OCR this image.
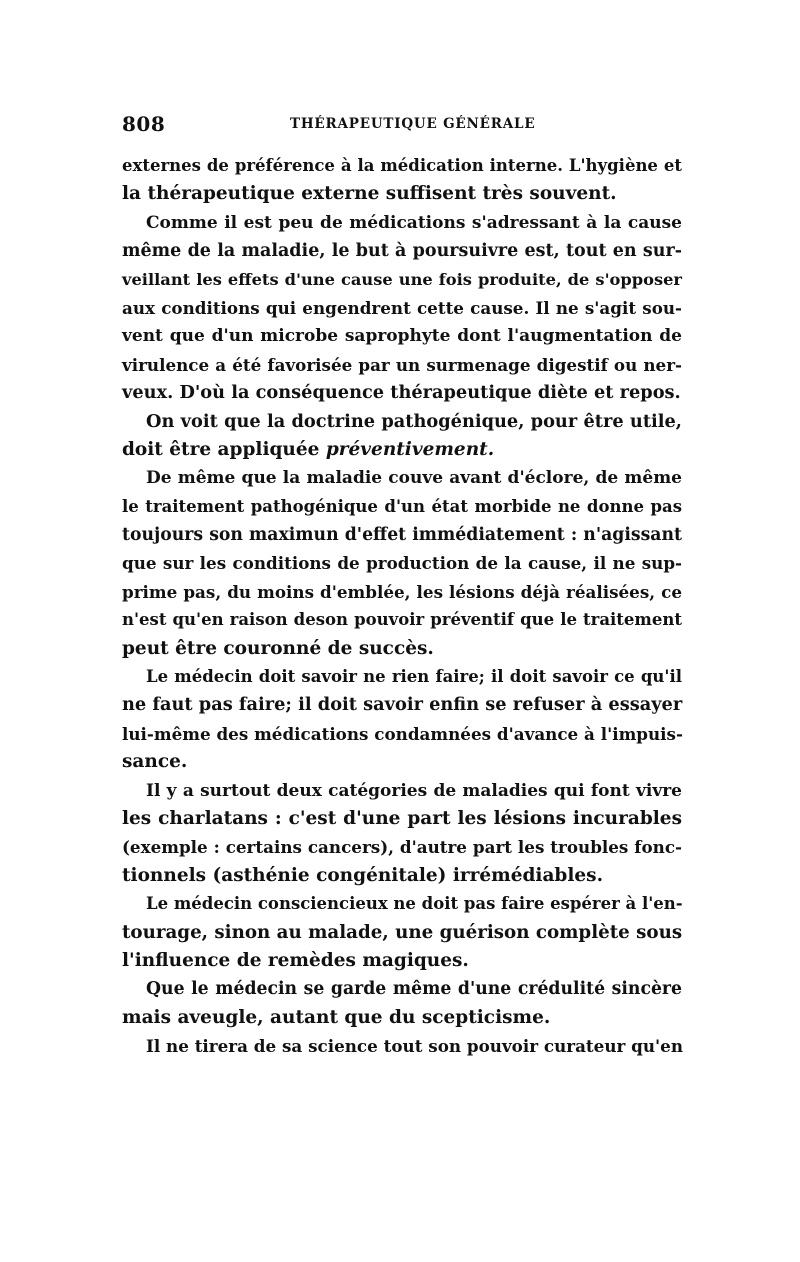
808	THÉRAPEUTIQUE GÉNÉRALE
externes de préférence à la médication interne. L'hygiène et
la thérapeutique externe suffisent très souvent.
Comme il est peu de médications s'adressant à la cause
même de la maladie, le but à poursuivre est, tout en sur-
veillant les effets d'une cause une fois produite, de s'opposer
aux conditions qui engendrent cette cause. Il ne s'agit sou-
vent que d'un microbe saprophyte dont l'augmentation de
virulence a été favorisée par un surmenage digestif ou ner-
veux. D'où la conséquence thérapeutique diète et repos.
On voit que la doctrine pathogénique, pour être utile,
doit être appliquée préventivement.
De même que la maladie couve avant d'éclore, de même
le traitement pathogénique d'un état morbide ne donne pas
toujours son maximun d'effet immédiatement : n'agissant
que sur les conditions de production de la cause, il ne sup-
prime pas, du moins d'emblée, les lésions déjà réalisées, ce
n'est qu'en raison deson pouvoir préventif que le traitement
peut être couronné de succès.
Le médecin doit savoir ne rien faire; il doit savoir ce qu'il
ne faut pas faire; il doit savoir enfin se refuser à essayer
lui-même des médications condamnées d'avance à l'impuis-
sance.
Il y a surtout deux catégories de maladies qui font vivre
les charlatans : c'est d'une part les lésions incurables
(exemple : certains cancers), d'autre part les troubles fonc-
tionnels (asthénie congénitale) irrémédiables.
Le médecin consciencieux ne doit pas faire espérer à l'en-
tourage, sinon au malade, une guérison complète sous
l'influence de remèdes magiques.
Que le médecin se garde même d'une crédulité sincère
mais aveugle, autant que du scepticisme.
Il ne tirera de sa science tout son pouvoir curateur qu'en
